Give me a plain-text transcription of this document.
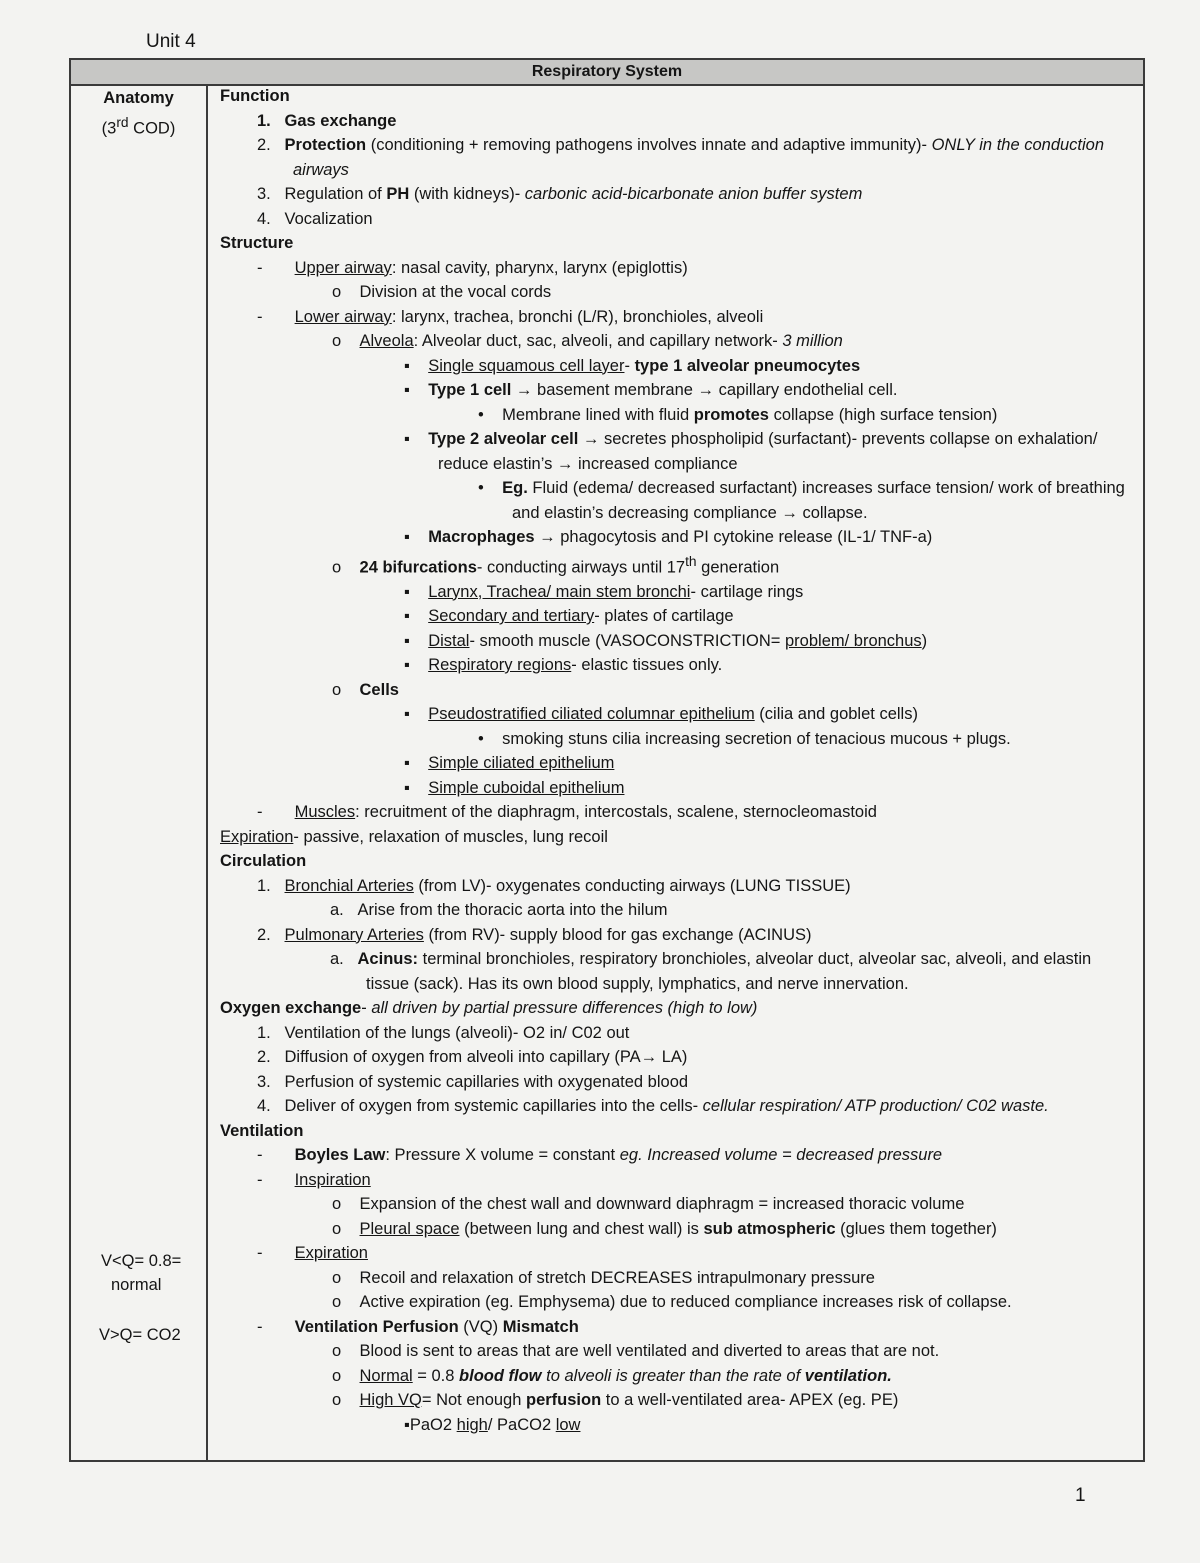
Unit 4
Respiratory System
Anatomy
(3rd COD)
V<Q= 0.8=
normal
V>Q= CO2
Function
1.   Gas exchange
2.   Protection (conditioning + removing pathogens involves innate and adaptive immunity)- ONLY in the conduction airways
3.   Regulation of PH (with kidneys)- carbonic acid-bicarbonate anion buffer system
4.   Vocalization
Structure
-       Upper airway: nasal cavity, pharynx, larynx (epiglottis)
o    Division at the vocal cords
-       Lower airway: larynx, trachea, bronchi (L/R), bronchioles, alveoli
o    Alveola: Alveolar duct, sac, alveoli, and capillary network- 3 million
▪    Single squamous cell layer- type 1 alveolar pneumocytes
▪    Type 1 cell → basement membrane → capillary endothelial cell.
•    Membrane lined with fluid promotes collapse (high surface tension)
▪    Type 2 alveolar cell → secretes phospholipid (surfactant)- prevents collapse on exhalation/ reduce elastin’s → increased compliance
•    Eg. Fluid (edema/ decreased surfactant) increases surface tension/ work of breathing and elastin’s decreasing compliance → collapse.
▪    Macrophages → phagocytosis and PI cytokine release (IL-1/ TNF-a)
o    24 bifurcations- conducting airways until 17th generation
▪    Larynx, Trachea/ main stem bronchi- cartilage rings
▪    Secondary and tertiary- plates of cartilage
▪    Distal- smooth muscle (VASOCONSTRICTION= problem/ bronchus)
▪    Respiratory regions- elastic tissues only.
o    Cells
▪    Pseudostratified ciliated columnar epithelium (cilia and goblet cells)
•    smoking stuns cilia increasing secretion of tenacious mucous + plugs.
▪    Simple ciliated epithelium
▪    Simple cuboidal epithelium
-       Muscles: recruitment of the diaphragm, intercostals, scalene, sternocleomastoid
Expiration- passive, relaxation of muscles, lung recoil
Circulation
1.   Bronchial Arteries (from LV)- oxygenates conducting airways (LUNG TISSUE)
a.   Arise from the thoracic aorta into the hilum
2.   Pulmonary Arteries (from RV)- supply blood for gas exchange (ACINUS)
a.   Acinus: terminal bronchioles, respiratory bronchioles, alveolar duct, alveolar sac, alveoli, and elastin tissue (sack). Has its own blood supply, lymphatics, and nerve innervation.
Oxygen exchange- all driven by partial pressure differences (high to low)
1.   Ventilation of the lungs (alveoli)- O2 in/ C02 out
2.   Diffusion of oxygen from alveoli into capillary (PA→ LA)
3.   Perfusion of systemic capillaries with oxygenated blood
4.   Deliver of oxygen from systemic capillaries into the cells- cellular respiration/ ATP production/ C02 waste.
Ventilation
-       Boyles Law: Pressure X volume = constant eg. Increased volume = decreased pressure
-       Inspiration
o    Expansion of the chest wall and downward diaphragm = increased thoracic volume
o    Pleural space (between lung and chest wall) is sub atmospheric (glues them together)
-       Expiration
o    Recoil and relaxation of stretch DECREASES intrapulmonary pressure
o    Active expiration (eg. Emphysema) due to reduced compliance increases risk of collapse.
-       Ventilation Perfusion (VQ) Mismatch
o    Blood is sent to areas that are well ventilated and diverted to areas that are not.
o    Normal = 0.8 blood flow to alveoli is greater than the rate of ventilation.
o    High VQ= Not enough perfusion to a well-ventilated area- APEX (eg. PE)
▪PaO2 high/ PaCO2 low
1
